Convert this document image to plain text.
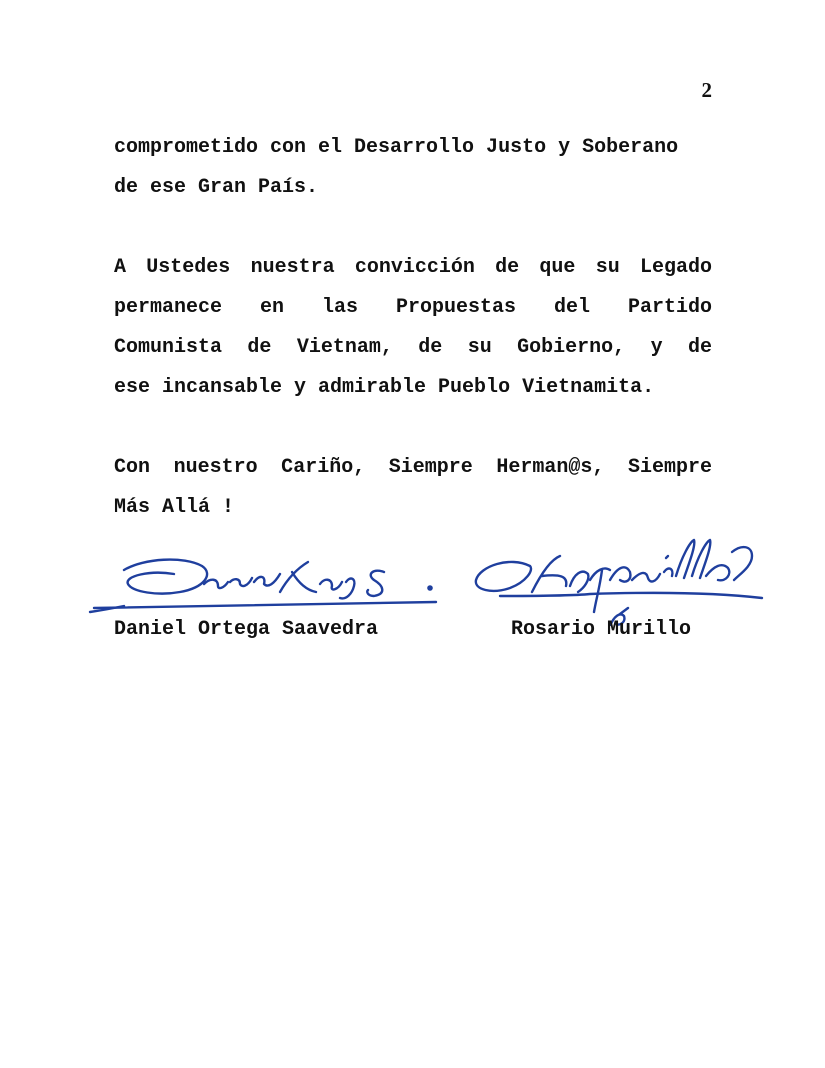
2

comprometido con el Desarrollo Justo y Soberano
de ese Gran País.

A Ustedes nuestra convicción de que su Legado
permanece en las Propuestas del Partido
Comunista de Vietnam, de su Gobierno, y de
ese incansable y admirable Pueblo Vietnamita.

Con nuestro Cariño, Siempre Herman@s, Siempre
Más Allá !

Daniel Ortega Saavedra	Rosario Murillo
